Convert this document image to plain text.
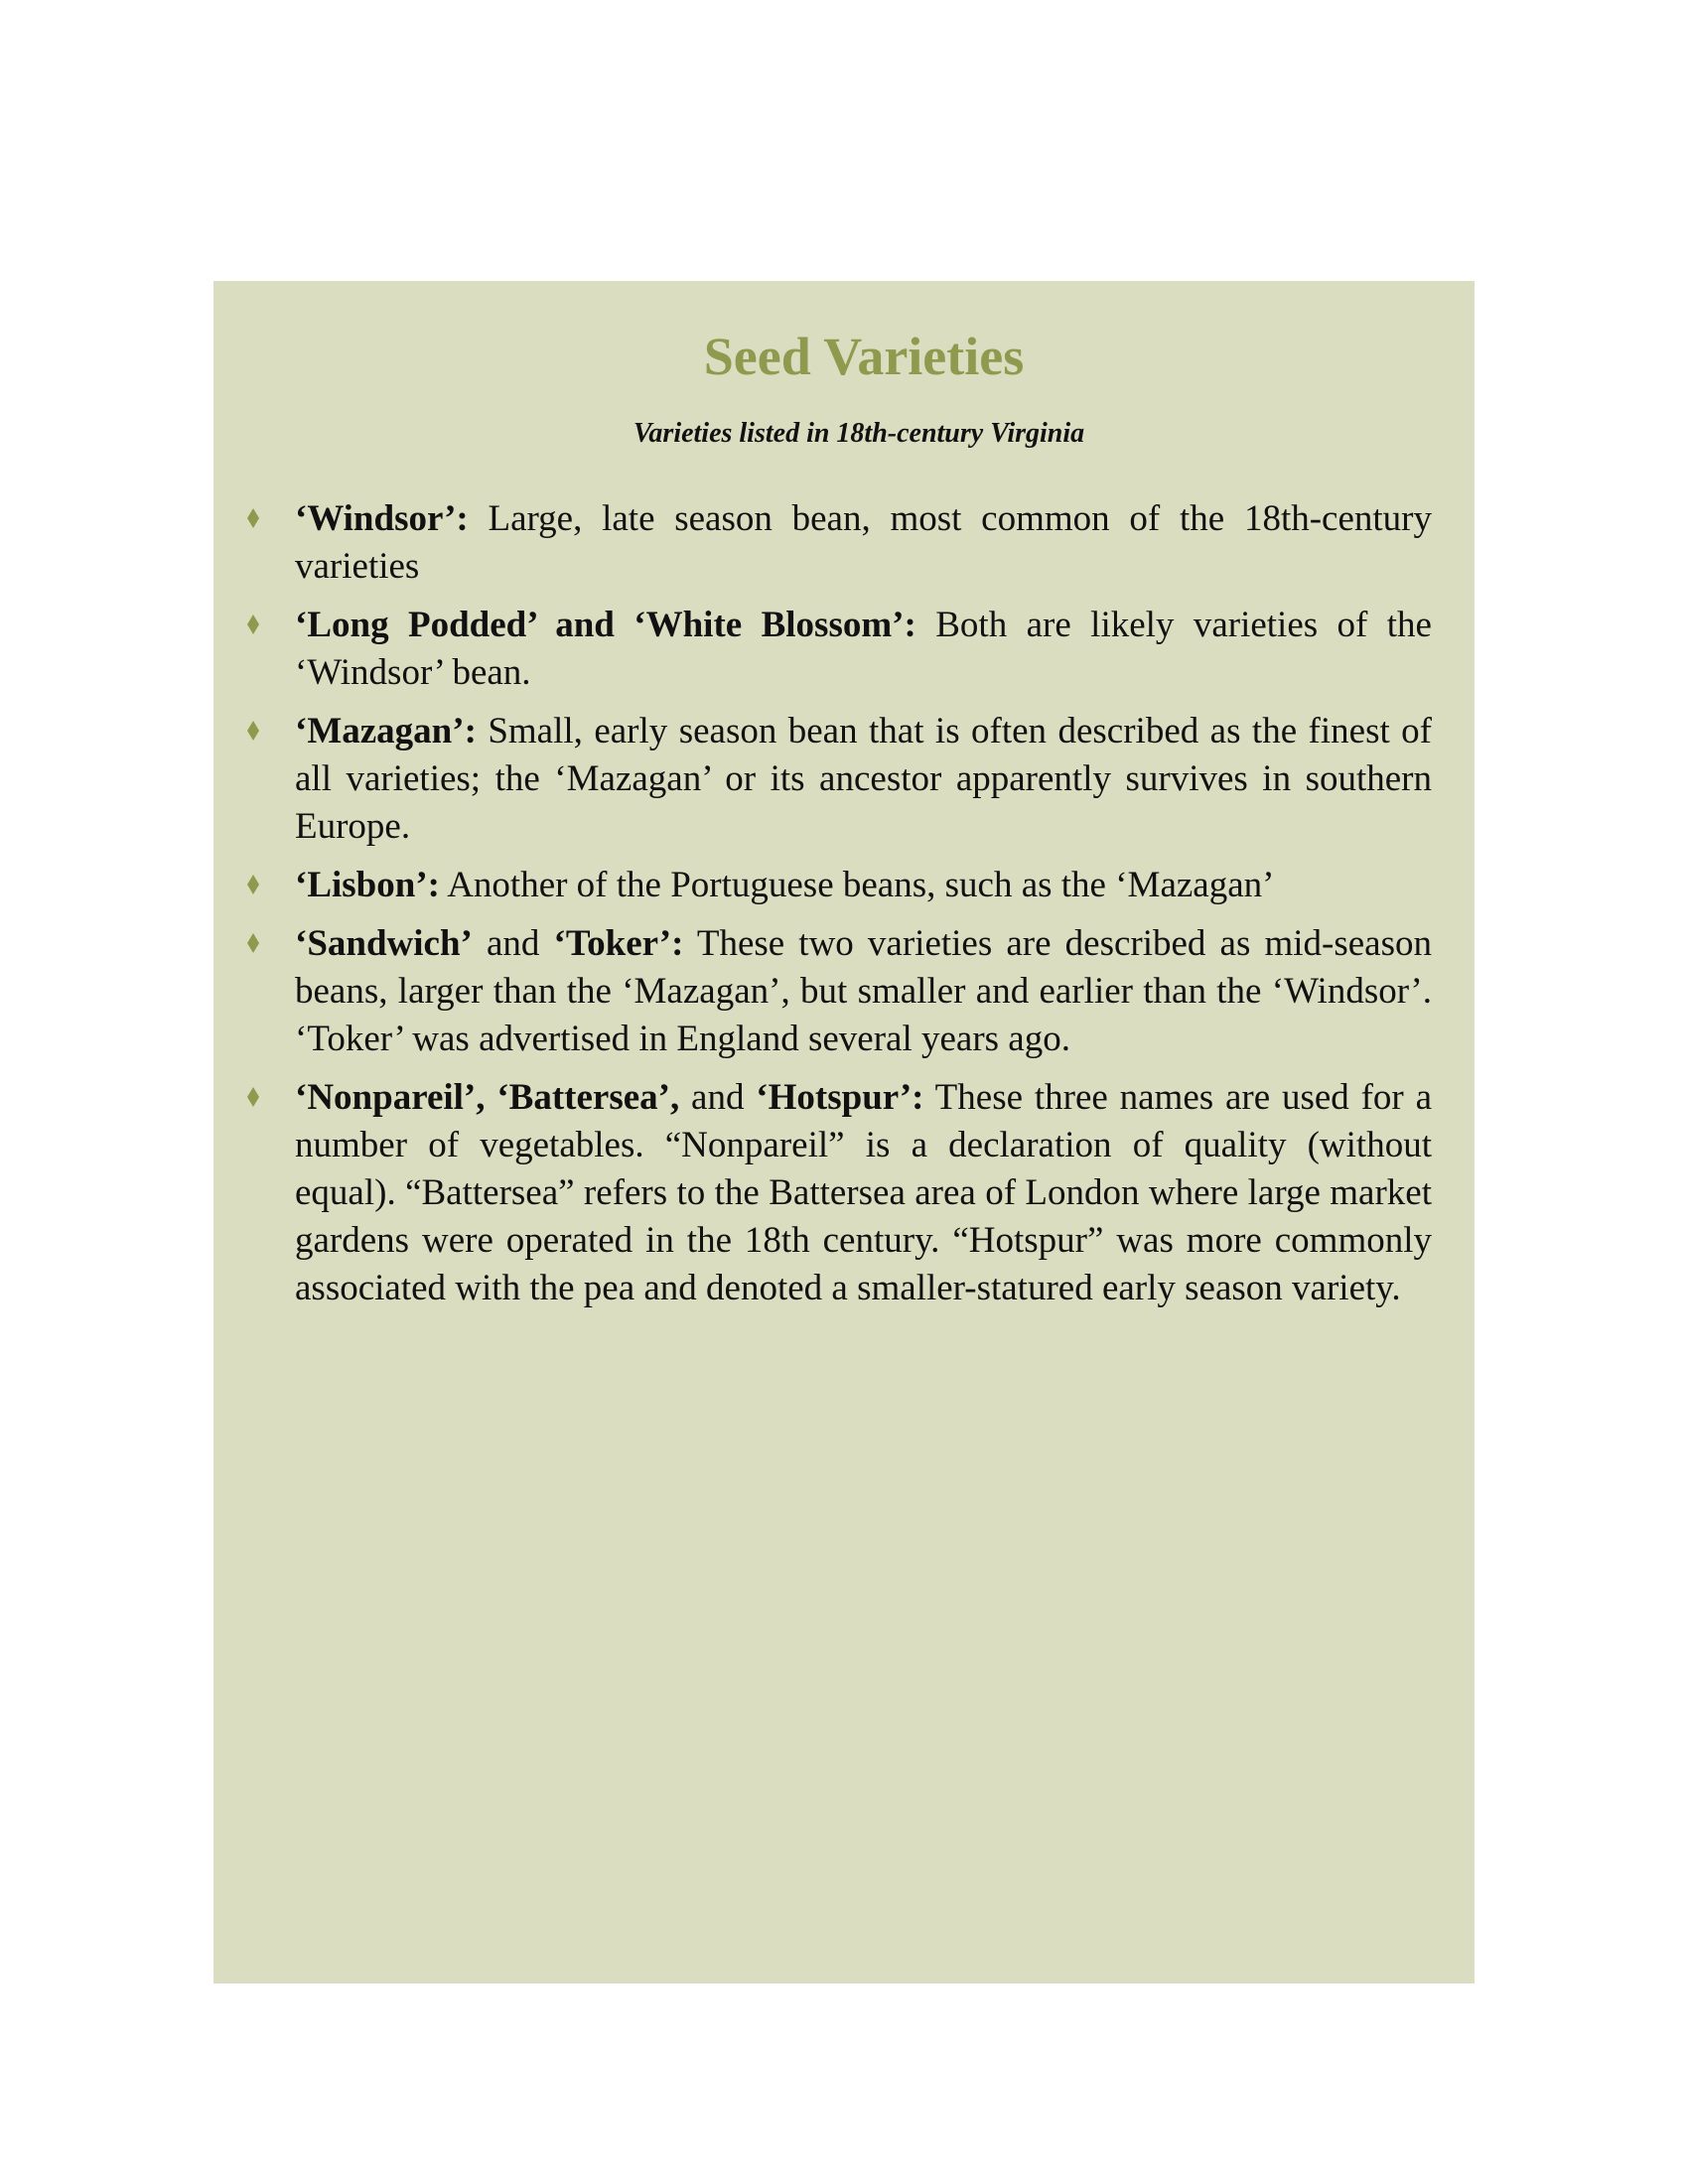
Seed Varieties
Varieties listed in 18th-century Virginia
‘Windsor’: Large, late season bean, most common of the 18th-century varieties
‘Long Podded’ and ‘White Blossom’: Both are likely varieties of the ‘Windsor’ bean.
‘Mazagan’: Small, early season bean that is often described as the finest of all varieties; the ‘Mazagan’ or its ancestor apparently survives in southern Europe.
‘Lisbon’: Another of the Portuguese beans, such as the ‘Mazagan’
‘Sandwich’ and ‘Toker’: These two varieties are described as mid-season beans, larger than the ‘Mazagan’, but smaller and earlier than the ‘Windsor’. ‘Toker’ was advertised in England several years ago.
‘Nonpareil’, ‘Battersea’, and ‘Hotspur’: These three names are used for a number of vegetables. “Nonpareil” is a declaration of quality (without equal). “Battersea” refers to the Battersea area of London where large market gardens were operated in the 18th century. “Hotspur” was more commonly associated with the pea and denoted a smaller-statured early season variety.
